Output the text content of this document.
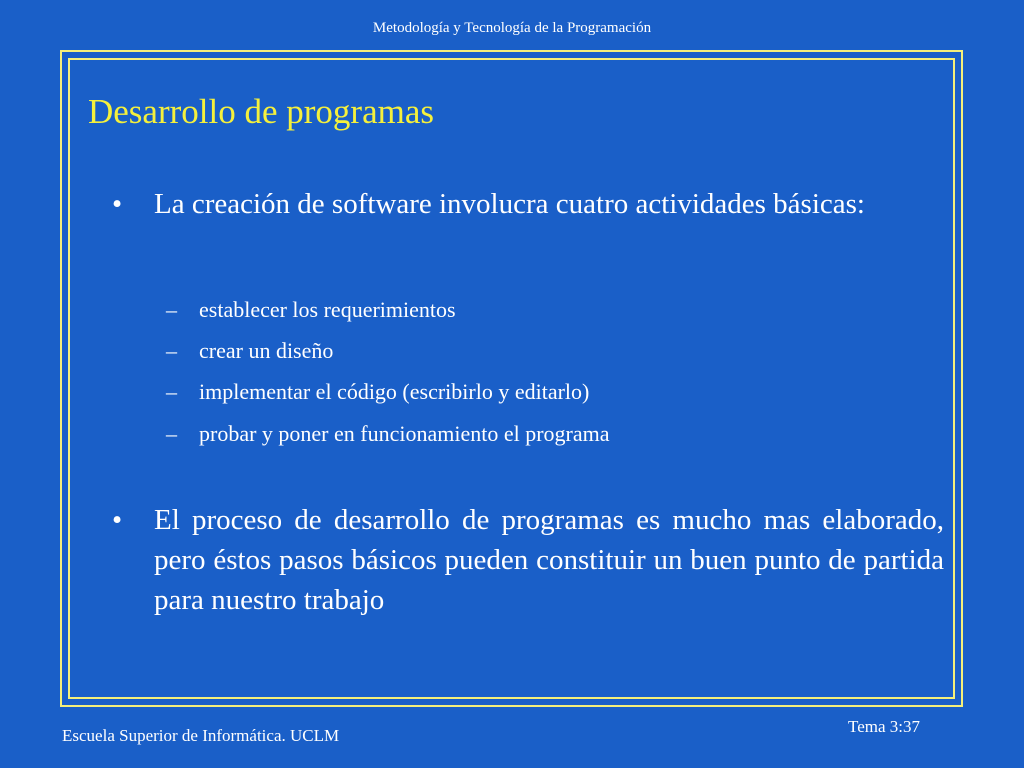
Metodología y Tecnología de la Programación
Desarrollo de programas
•	La creación de software involucra cuatro actividades básicas:
–	establecer los requerimientos
–	crear un diseño
–	implementar el código (escribirlo y editarlo)
–	probar y poner en funcionamiento el programa
•	El proceso de desarrollo de programas es mucho mas elaborado, pero éstos pasos básicos pueden constituir un buen punto de partida para nuestro trabajo
Escuela Superior de Informática. UCLM	Tema 3:37
